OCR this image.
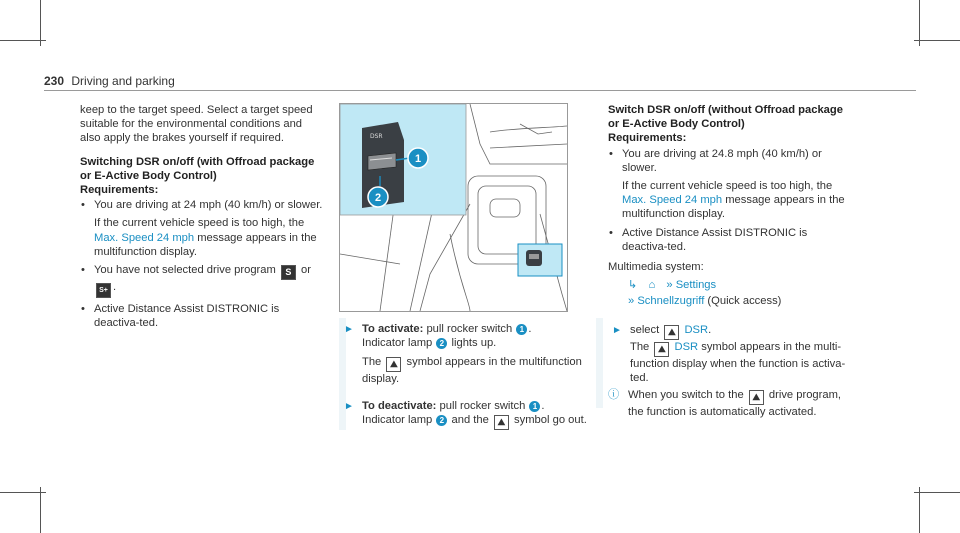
230 Driving and parking

keep to the target speed. Select a target speed suitable for the environmental conditions and also apply the brakes yourself if required.

Switching DSR on/off (with Offroad package or E-Active Body Control)

Requirements:

• You are driving at 24 mph (40 km/h) or slower.
If the current vehicle speed is too high, the Max. Speed 24 mph message appears in the multifunction display.
• You have not selected drive program S or
S+ .
• Active Distance Assist DISTRONIC is deactiva-ted.
DSR
1
2
► To activate: pull rocker switch 1 .
Indicator lamp 2 lights up.

The ⛰ symbol appears in the multifunction display.

► To deactivate: pull rocker switch 1 .
Indicator lamp 2 and the ⛰ symbol go out.
Switch DSR on/off (without Offroad package or E-Active Body Control)

Requirements:

• You are driving at 24.8 mph (40 km/h) or slower.
If the current vehicle speed is too high, the Max. Speed 24 mph message appears in the multifunction display.
• Active Distance Assist DISTRONIC is deactiva-ted.

Multimedia system:

↳ ⌂ » Settings
» Schnellzugriff (Quick access)
► select ⛰ DSR.
The ⛰ DSR symbol appears in the multi-function display when the function is activa-ted.
ⓘ When you switch to the ⛰ drive program, the function is automatically activated.
